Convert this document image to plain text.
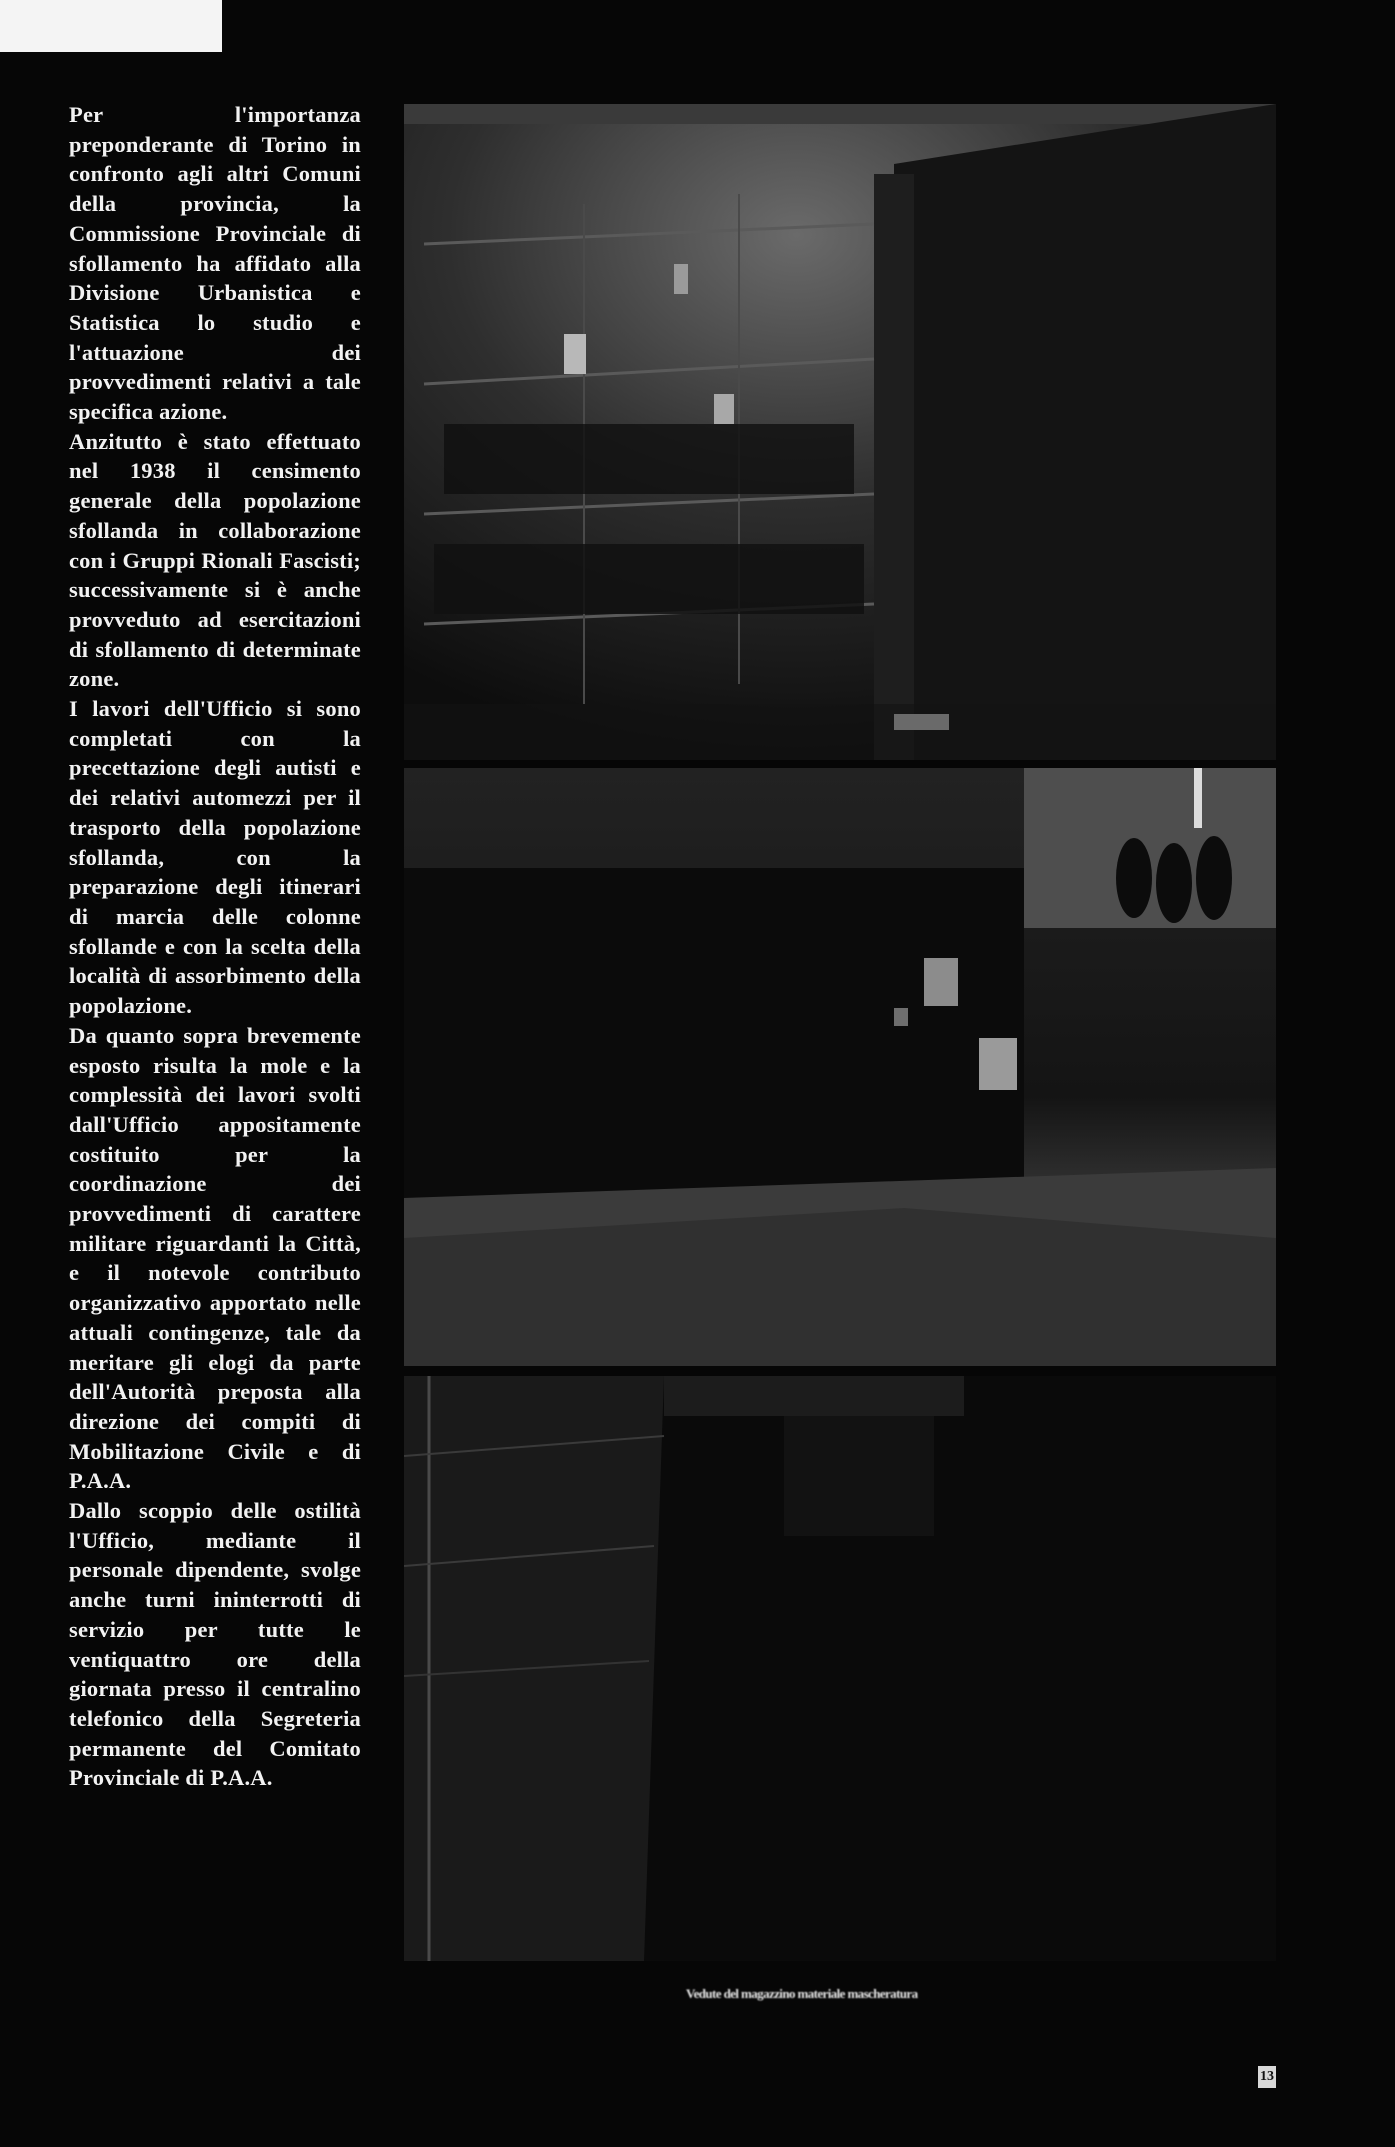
Per l'importanza preponderante di Torino in confronto agli altri Comuni della provincia, la Commissione Provinciale di sfollamento ha affidato alla Divisione Urbanistica e Statistica lo studio e l'attuazione dei provvedimenti relativi a tale specifica azione.

Anzitutto è stato effettuato nel 1938 il censimento generale della popolazione sfollanda in collaborazione con i Gruppi Rionali Fascisti; successivamente si è anche provveduto ad esercitazioni di sfollamento di determinate zone.

I lavori dell'Ufficio si sono completati con la precettazione degli autisti e dei relativi automezzi per il trasporto della popolazione sfollanda, con la preparazione degli itinerari di marcia delle colonne sfollande e con la scelta della località di assorbimento della popolazione.

Da quanto sopra brevemente esposto risulta la mole e la complessità dei lavori svolti dall'Ufficio appositamente costituito per la coordinazione dei provvedimenti di carattere militare riguardanti la Città, e il notevole contributo organizzativo apportato nelle attuali contingenze, tale da meritare gli elogi da parte dell'Autorità preposta alla direzione dei compiti di Mobilitazione Civile e di P.A.A.

Dallo scoppio delle ostilità l'Ufficio, mediante il personale dipendente, svolge anche turni ininterrotti di servizio per tutte le ventiquattro ore della giornata presso il centralino telefonico della Segreteria permanente del Comitato Provinciale di P.A.A.

Vedute del magazzino materiale mascheratura
13
